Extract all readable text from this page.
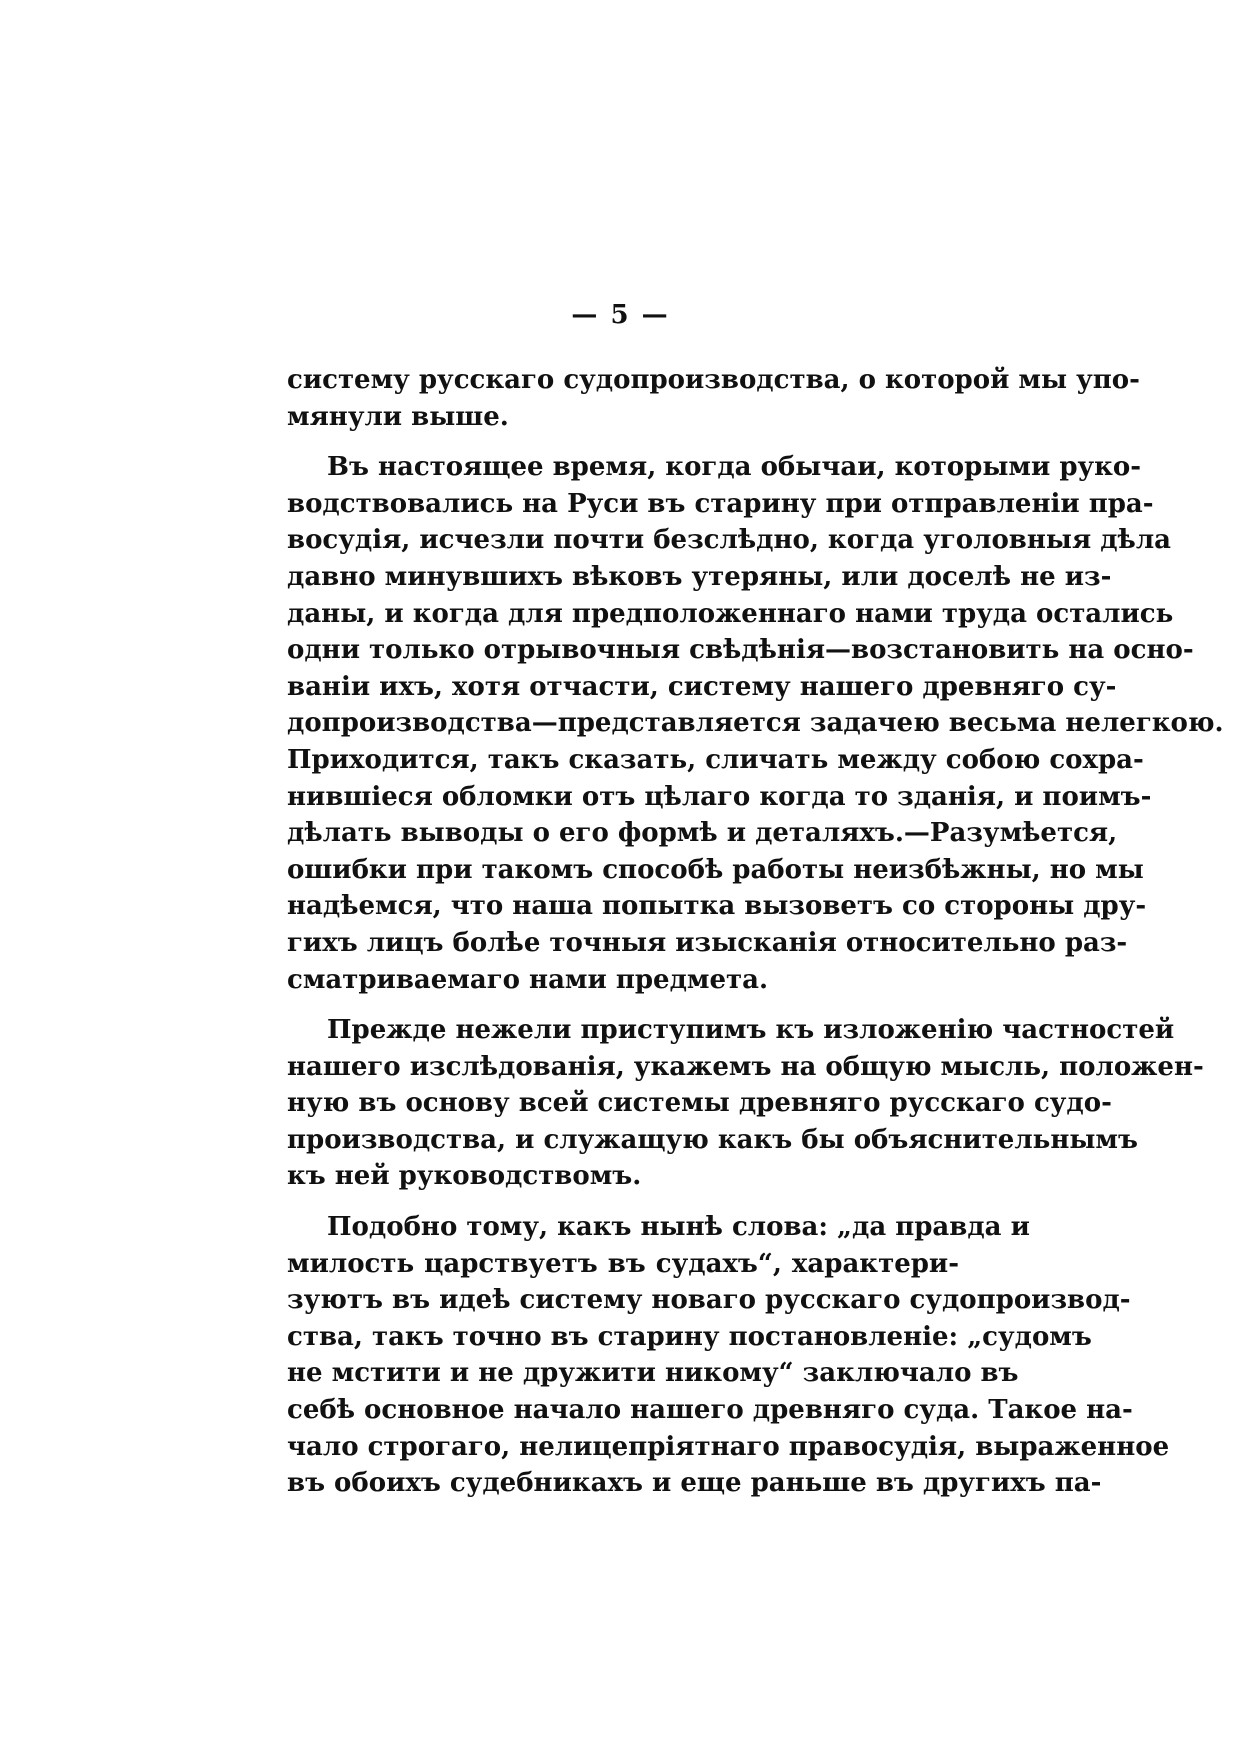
— 5 —
систему русскаго судопроизводства, о которой мы упо-
мянули выше.
Въ настоящее время, когда обычаи, которыми руко-
водствовались на Руси въ старину при отправленіи пра-
восудія, исчезли почти безслѣдно, когда уголовныя дѣла
давно минувшихъ вѣковъ утеряны, или доселѣ не из-
даны, и когда для предположеннаго нами труда остались
одни только отрывочныя свѣдѣнія—возстановить на осно-
ваніи ихъ, хотя отчасти, систему нашего древняго су-
допроизводства—представляется задачею весьма нелегкою.
Приходится, такъ сказать, сличать между собою сохра-
нившіеся обломки отъ цѣлаго когда то зданія, и поимъ-
дѣлать выводы о его формѣ и деталяхъ.—Разумѣется,
ошибки при такомъ способѣ работы неизбѣжны, но мы
надѣемся, что наша попытка вызоветъ со стороны дру-
гихъ лицъ болѣе точныя изысканія относительно раз-
сматриваемаго нами предмета.
Прежде нежели приступимъ къ изложенію частностей
нашего изслѣдованія, укажемъ на общую мысль, положен-
ную въ основу всей системы древняго русскаго судо-
производства, и служащую какъ бы объяснительнымъ
къ ней руководствомъ.
Подобно тому, какъ нынѣ слова: „да правда и
милость царствуетъ въ судахъ“, характери-
зуютъ въ идеѣ систему новаго русскаго судопроизвод-
ства, такъ точно въ старину постановленіе: „судомъ
не мстити и не дружити никому“ заключало въ
себѣ основное начало нашего древняго суда. Такое на-
чало строгаго, нелицепріятнаго правосудія, выраженное
въ обоихъ судебникахъ и еще раньше въ другихъ па-
